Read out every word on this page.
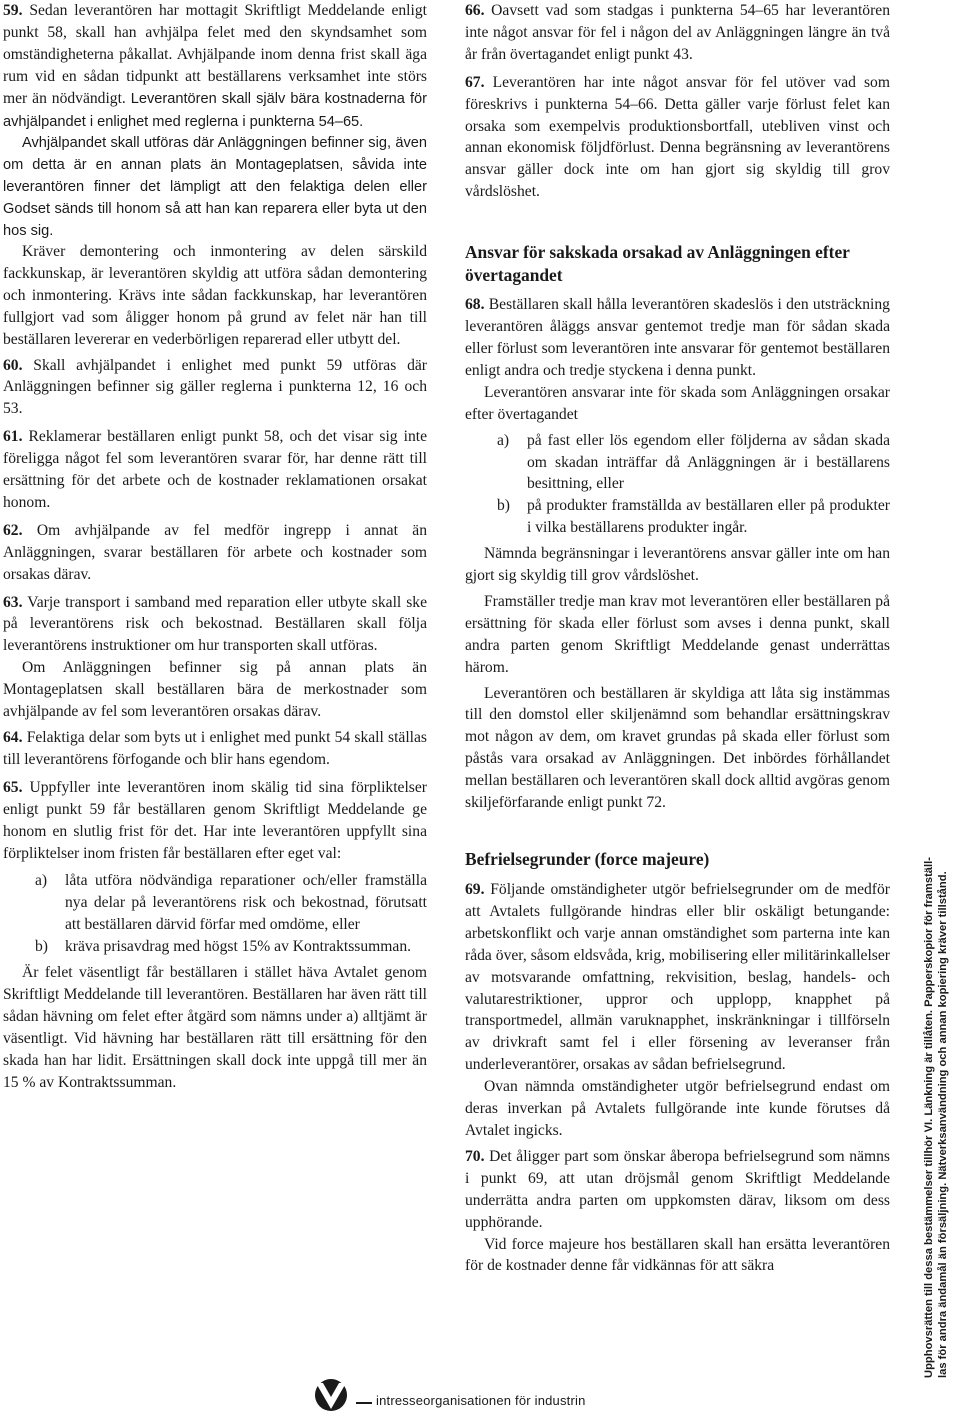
59. Sedan leverantören har mottagit Skriftligt Meddelande enligt punkt 58, skall han avhjälpa felet med den skyndsamhet som omständigheterna påkallat. Avhjälpande inom denna frist skall äga rum vid en sådan tidpunkt att beställarens verksamhet inte störs mer än nödvändigt. Leverantören skall själv bära kostnaderna för avhjälpandet i enlighet med reglerna i punkterna 54–65.

Avhjälpandet skall utföras där Anläggningen befinner sig, även om detta är en annan plats än Montageplatsen, såvida inte leverantören finner det lämpligt att den felaktiga delen eller Godset sänds till honom så att han kan reparera eller byta ut den hos sig.

Kräver demontering och inmontering av delen särskild fackkunskap, är leverantören skyldig att utföra sådan demontering och inmontering. Krävs inte sådan fackkunskap, har leverantören fullgjort vad som åligger honom på grund av felet när han till beställaren levererar en vederbörligen reparerad eller utbytt del.

60. Skall avhjälpandet i enlighet med punkt 59 utföras där Anläggningen befinner sig gäller reglerna i punkterna 12, 16 och 53.

61. Reklamerar beställaren enligt punkt 58, och det visar sig inte föreligga något fel som leverantören svarar för, har denne rätt till ersättning för det arbete och de kostnader reklamationen orsakat honom.

62. Om avhjälpande av fel medför ingrepp i annat än Anläggningen, svarar beställaren för arbete och kostnader som orsakas därav.

63. Varje transport i samband med reparation eller utbyte skall ske på leverantörens risk och bekostnad. Beställaren skall följa leverantörens instruktioner om hur transporten skall utföras.

Om Anläggningen befinner sig på annan plats än Montageplatsen skall beställaren bära de merkostnader som avhjälpande av fel som leverantören orsakas därav.

64. Felaktiga delar som byts ut i enlighet med punkt 54 skall ställas till leverantörens förfogande och blir hans egendom.

65. Uppfyller inte leverantören inom skälig tid sina förpliktelser enligt punkt 59 får beställaren genom Skriftligt Meddelande ge honom en slutlig frist för det. Har inte leverantören uppfyllt sina förpliktelser inom fristen får beställaren efter eget val:

a) låta utföra nödvändiga reparationer och/eller framställa nya delar på leverantörens risk och bekostnad, förutsatt att beställaren därvid förfar med omdöme, eller
b) kräva prisavdrag med högst 15% av Kontraktssumman.

Är felet väsentligt får beställaren i stället häva Avtalet genom Skriftligt Meddelande till leverantören. Beställaren har även rätt till sådan hävning om felet efter åtgärd som nämns under a) alltjämt är väsentligt. Vid hävning har beställaren rätt till ersättning för den skada han har lidit. Ersättningen skall dock inte uppgå till mer än 15 % av Kontraktssumman.

66. Oavsett vad som stadgas i punkterna 54–65 har leverantören inte något ansvar för fel i någon del av Anläggningen längre än två år från övertagandet enligt punkt 43.

67. Leverantören har inte något ansvar för fel utöver vad som föreskrivs i punkterna 54–66. Detta gäller varje förlust felet kan orsaka som exempelvis produktionsbortfall, utebliven vinst och annan ekonomisk följdförlust. Denna begränsning av leverantörens ansvar gäller dock inte om han gjort sig skyldig till grov vårdslöshet.

Ansvar för sakskada orsakad av Anläggningen efter övertagandet

68. Beställaren skall hålla leverantören skadeslös i den utsträckning leverantören åläggs ansvar gentemot tredje man för sådan skada eller förlust som leverantören inte ansvarar för gentemot beställaren enligt andra och tredje styckena i denna punkt.

Leverantören ansvarar inte för skada som Anläggningen orsakar efter övertagandet

a) på fast eller lös egendom eller följderna av sådan skada om skadan inträffar då Anläggningen är i beställarens besittning, eller
b) på produkter framställda av beställaren eller på produkter i vilka beställarens produkter ingår.

Nämnda begränsningar i leverantörens ansvar gäller inte om han gjort sig skyldig till grov vårdslöshet.

Framställer tredje man krav mot leverantören eller beställaren på ersättning för skada eller förlust som avses i denna punkt, skall andra parten genom Skriftligt Meddelande genast underrättas härom.

Leverantören och beställaren är skyldiga att låta sig instämmas till den domstol eller skiljenämnd som behandlar ersättningskrav mot någon av dem, om kravet grundas på skada eller förlust som påstås vara orsakad av Anläggningen. Det inbördes förhållandet mellan beställaren och leverantören skall dock alltid avgöras genom skiljeförfarande enligt punkt 72.

Befrielsegrunder (force majeure)

69. Följande omständigheter utgör befrielsegrunder om de medför att Avtalets fullgörande hindras eller blir oskäligt betungande: arbetskonflikt och varje annan omständighet som parterna inte kan råda över, såsom eldsvåda, krig, mobilisering eller militärinkallelser av motsvarande omfattning, rekvisition, beslag, handels- och valutarestriktioner, uppror och upplopp, knapphet på transportmedel, allmän varuknapphet, inskränkningar i tillförseln av drivkraft samt fel i eller försening av leveranser från underleverantörer, orsakas av sådan befrielsegrund.

Ovan nämnda omständigheter utgör befrielsegrund endast om deras inverkan på Avtalets fullgörande inte kunde förutses då Avtalet ingicks.

70. Det åligger part som önskar åberopa befrielsegrund som nämns i punkt 69, att utan dröjsmål genom Skriftligt Meddelande underrätta andra parten om uppkomsten därav, liksom om dess upphörande.

Vid force majeure hos beställaren skall han ersätta leverantören för de kostnader denne får vidkännas för att säkra	Upphovsrätten till dessa bestämmelser tillhör VI. Länkning är tillåten. Papperskopior för framställ- las för andra ändamål än försäljning. Nätverksanvändning och annan kopiering kräver tillstånd.
intresseorganisationen för industrin
